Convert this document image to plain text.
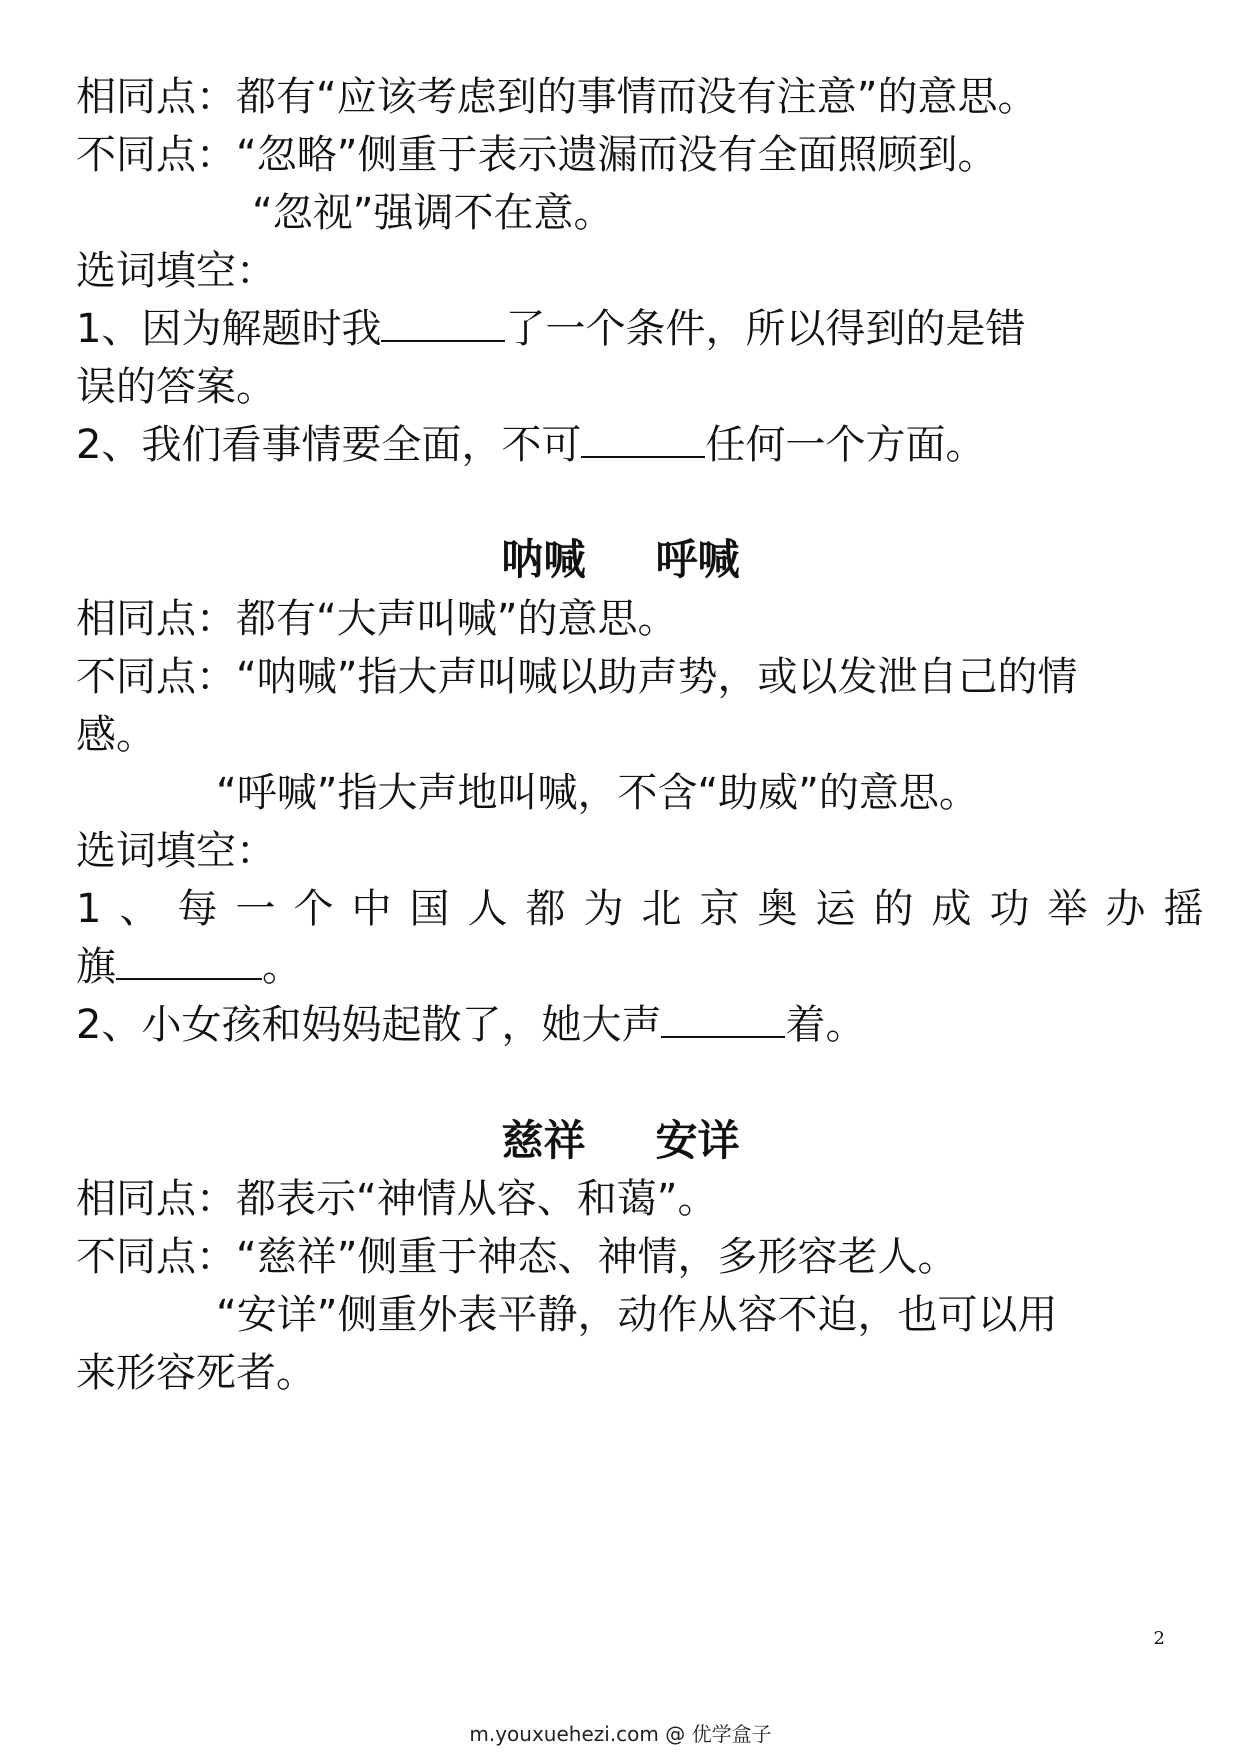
相同点：都有“应该考虑到的事情而没有注意”的意思。
不同点：“忽略”侧重于表示遗漏而没有全面照顾到。
“忽视”强调不在意。
选词填空：
1、因为解题时我	了一个条件，所以得到的是错
误的答案。
2、我们看事情要全面，不可	任何一个方面。
呐喊 呼喊
相同点：都有“大声叫喊”的意思。
不同点：“呐喊”指大声叫喊以助声势，或以发泄自己的情
感。
“呼喊”指大声地叫喊，不含“助威”的意思。
选词填空：
1、每一个中国人都为北京奥运的成功举办摇
旗	。
2、小女孩和妈妈起散了，她大声	着。
慈祥 安详
相同点：都表示“神情从容、和蔼”。
不同点：“慈祥”侧重于神态、神情，多形容老人。
“安详”侧重外表平静，动作从容不迫，也可以用
来形容死者。
2
m.youxuehezi.com @ 优学盒子
